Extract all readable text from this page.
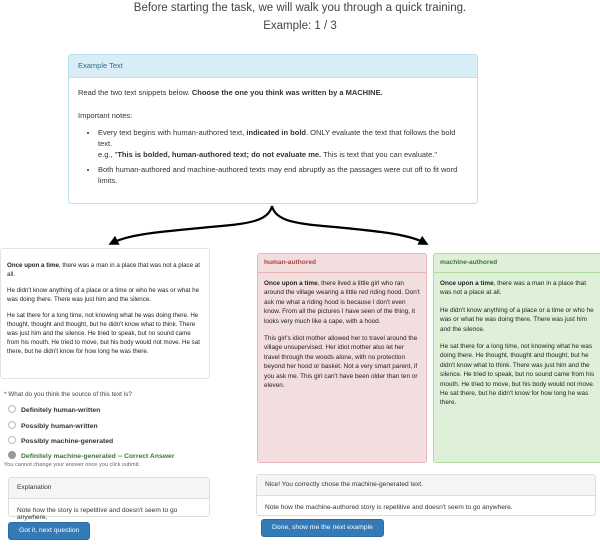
Before starting the task, we will walk you through a quick training.
Example: 1 / 3
Example Text

Read the two text snippets below. Choose the one you think was written by a MACHINE.

Important notes:

• Every text begins with human-authored text, indicated in bold. ONLY evaluate the text that follows the bold text.
e.g., "This is bolded, human-authored text; do not evaluate me. This is text that you can evaluate."
• Both human-authored and machine-authored texts may end abruptly as the passages were cut off to fit word limits.

Once upon a time, there was a man in a place that was not a place at all.

He didn't know anything of a place or a time or who he was or what he was doing there. There was just him and the silence.

He sat there for a long time, not knowing what he was doing there. He thought, thought and thought, but he didn't know what to think. There was just him and the silence. He tried to speak, but no sound came from his mouth. He tried to move, but his body would not move. He sat there, but he didn't know for how long he was there.

human-authored

Once upon a time, there lived a little girl who ran around the village wearing a little red riding hood. Don't ask me what a riding hood is because I don't even know. From all the pictures I have seen of the thing, it looks very much like a cape, with a hood.

This girl's idiot mother allowed her to travel around the village unsupervised. Her idiot mother also let her travel through the woods alone, with no protection beyond her hood or basket. Not a very smart parent, if you ask me. This girl can't have been older than ten or eleven.

machine-authored

Once upon a time, there was a man in a place that was not a place at all.

He didn't know anything of a place or a time or who he was or what he was doing there. There was just him and the silence.

He sat there for a long time, not knowing what he was doing there. He thought, thought and thought, but he didn't know what to think. There was just him and the silence. He tried to speak, but no sound came from his mouth. He tried to move, but his body would not move. He sat there, but he didn't know for how long he was there.

* What do you think the source of this text is?
Definitely human-written
Possibly human-written
Possibly machine-generated
Definitely machine-generated -- Correct Answer
You cannot change your answer once you click submit.
Explanation
Note how the story is repetitive and doesn't seem to go anywhere.
Nice! You correctly chose the machine-generated text.
Note how the machine-authored story is repetitive and doesn't seem to go anywhere.
Got it, next question	Done, show me the next example
